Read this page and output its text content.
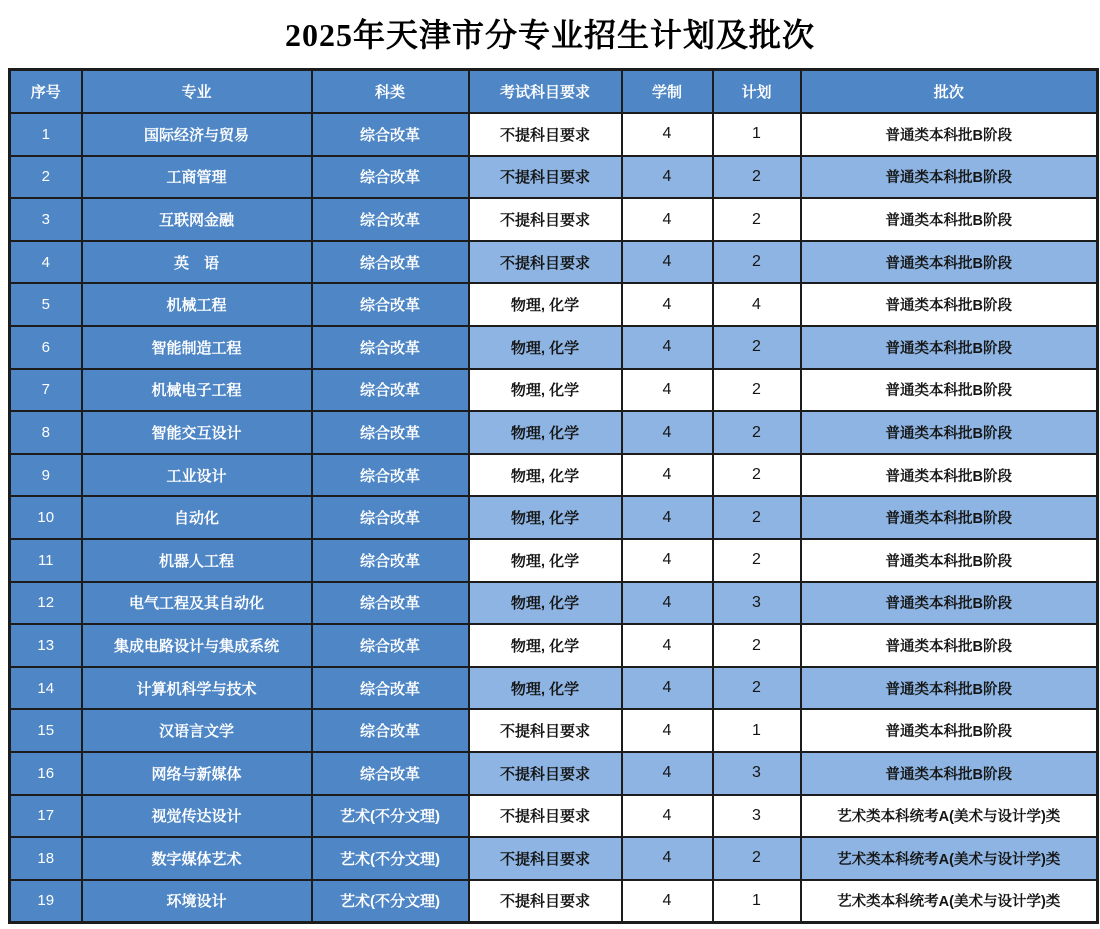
2025年天津市分专业招生计划及批次
序号	专业	科类	考试科目要求	学制	计划	批次
1	国际经济与贸易	综合改革	不提科目要求	4	1	普通类本科批B阶段
2	工商管理	综合改革	不提科目要求	4	2	普通类本科批B阶段
3	互联网金融	综合改革	不提科目要求	4	2	普通类本科批B阶段
4	英　语	综合改革	不提科目要求	4	2	普通类本科批B阶段
5	机械工程	综合改革	物理, 化学	4	4	普通类本科批B阶段
6	智能制造工程	综合改革	物理, 化学	4	2	普通类本科批B阶段
7	机械电子工程	综合改革	物理, 化学	4	2	普通类本科批B阶段
8	智能交互设计	综合改革	物理, 化学	4	2	普通类本科批B阶段
9	工业设计	综合改革	物理, 化学	4	2	普通类本科批B阶段
10	自动化	综合改革	物理, 化学	4	2	普通类本科批B阶段
11	机器人工程	综合改革	物理, 化学	4	2	普通类本科批B阶段
12	电气工程及其自动化	综合改革	物理, 化学	4	3	普通类本科批B阶段
13	集成电路设计与集成系统	综合改革	物理, 化学	4	2	普通类本科批B阶段
14	计算机科学与技术	综合改革	物理, 化学	4	2	普通类本科批B阶段
15	汉语言文学	综合改革	不提科目要求	4	1	普通类本科批B阶段
16	网络与新媒体	综合改革	不提科目要求	4	3	普通类本科批B阶段
17	视觉传达设计	艺术(不分文理)	不提科目要求	4	3	艺术类本科统考A(美术与设计学)类
18	数字媒体艺术	艺术(不分文理)	不提科目要求	4	2	艺术类本科统考A(美术与设计学)类
19	环境设计	艺术(不分文理)	不提科目要求	4	1	艺术类本科统考A(美术与设计学)类
